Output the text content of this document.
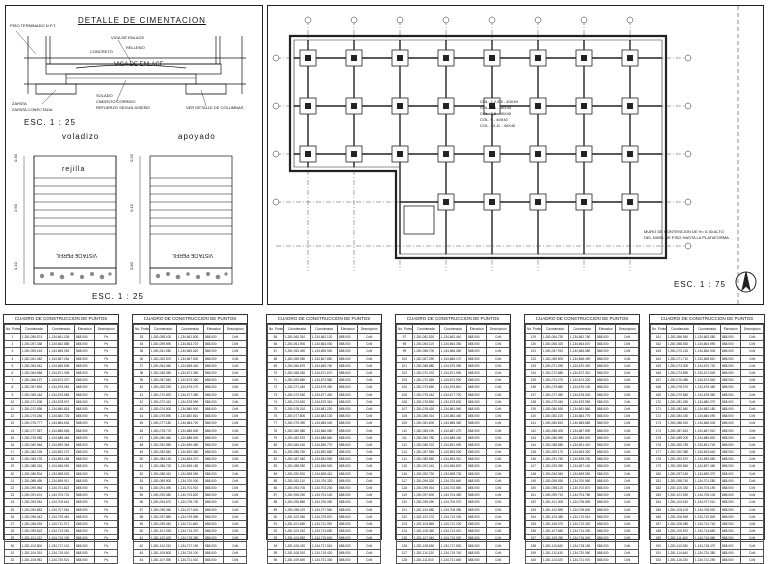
DETALLE DE CIMENTACION
PISO TERMINADO N.P.T.
VIGA DE ENLACE
VIGA DE ENLACE
RELLENO
CONCRETO
ZAPATA
ZAPATA CONECTADA
SOLADO
CIMIENTO CORRIDO
REFUERZO SEGUN DISEÑO	VER DETALLE DE COLUMNAS
ESC. 1 : 25
voladizo	apoyado
rejilla
VISTA DE PERFIL	VISTA DE PERFIL
0.30
2.60
0.10
0.25
0.15
0.80
ESC. 1 : 25
COL. 1,2,3,5 - 40X40
COL. 4,6 - 40X40
COL. 7,8 - 40X40
COL. 9 - 40X40
COL. 10,11 - 40X40
MURO DE CONTENCION DE H= 0.30 ALTO
DEL NIVEL DE PISO HASTA LA PLATAFORMA
ESC. 1 : 75
CUADRO DE CONSTRUCCION DE PUNTOS
No. Punto	Coordenada	Coordenada	Elevacion	Descripcion
1	1,281,056.574	1,134,661.105	888.000	Ps
2	1,281,057.338	1,134,662.885	888.000	Ps
3	1,281,059.163	1,134,665.063	888.000	Ps
4	1,281,061.452	1,134,667.264	888.000	Ps
5	1,281,063.061	1,134,669.536	888.000	Ps
6	1,281,064.558	1,134,671.308	888.000	Ps
7	1,281,066.137	1,134,673.207	888.000	Ps
8	1,281,067.892	1,134,675.081	888.000	Ps
9	1,281,069.415	1,134,676.984	888.000	Ps
10	1,281,071.008	1,134,678.907	888.000	Ps
11	1,281,072.596	1,134,680.815	888.000	Ps
12	1,281,074.186	1,134,682.726	888.000	Ps
13	1,281,075.777	1,134,684.634	888.000	Ps
14	1,281,077.367	1,134,686.545	888.000	Ps
15	1,281,078.955	1,134,688.454	888.000	Ps
16	1,281,080.546	1,134,690.364	888.000	Ps
17	1,281,082.135	1,134,692.272	888.000	Ps
18	1,281,083.725	1,134,694.184	888.000	Ps
19	1,281,085.316	1,134,696.091	888.000	Ps
20	1,281,086.904	1,134,698.003	888.000	Ps
21	1,281,088.495	1,134,699.911	888.000	Ps
22	1,281,090.084	1,134,701.822	888.000	Ps
23	1,281,091.674	1,134,703.731	888.000	Ps
24	1,281,093.264	1,134,705.641	888.000	Ps
25	1,281,094.853	1,134,707.551	888.000	Ps
26	1,281,096.443	1,134,709.461	888.000	Ps
27	1,281,098.033	1,134,711.371	888.000	Ps
28	1,281,099.623	1,134,713.281	888.000	Ps
29	1,281,101.212	1,134,715.190	888.000	Ps
30	1,281,102.802	1,134,717.101	888.000	Ps
31	1,281,104.391	1,134,719.010	888.000	Ps
32	1,281,105.981	1,134,720.921	888.000	Ps
CUADRO DE CONSTRUCCION DE PUNTOS
No. Punto	Coordenada	Coordenada	Elevacion	Descripcion
33	1,281,058.100	1,134,661.800	888.000	CxN
34	1,281,059.690	1,134,663.710	888.000	CxN
35	1,281,061.280	1,134,665.620	888.000	CxN
36	1,281,062.870	1,134,667.530	888.000	CxN
37	1,281,064.460	1,134,669.440	888.000	CxN
38	1,281,066.050	1,134,671.350	888.000	CxN
39	1,281,067.640	1,134,673.260	888.000	CxN
40	1,281,069.230	1,134,675.170	888.000	CxN
41	1,281,070.820	1,134,677.080	888.000	CxN
42	1,281,072.410	1,134,678.990	888.000	CxN
43	1,281,074.000	1,134,680.900	888.000	CxN
44	1,281,075.590	1,134,682.810	888.000	CxN
45	1,281,077.180	1,134,684.720	888.000	CxN
46	1,281,078.770	1,134,686.630	888.000	CxN
47	1,281,080.360	1,134,688.540	888.000	CxN
48	1,281,081.950	1,134,690.450	888.000	CxN
49	1,281,083.540	1,134,692.360	888.000	CxN
50	1,281,085.130	1,134,694.270	888.000	CxN
51	1,281,086.720	1,134,696.180	888.000	CxN
52	1,281,088.310	1,134,698.090	888.000	CxN
53	1,281,089.900	1,134,700.000	888.000	CxN
54	1,281,091.490	1,134,701.910	888.000	CxN
55	1,281,093.080	1,134,703.820	888.000	CxN
56	1,281,094.670	1,134,705.730	888.000	CxN
57	1,281,096.260	1,134,707.640	888.000	CxN
58	1,281,097.850	1,134,709.550	888.000	CxN
59	1,281,099.440	1,134,711.460	888.000	CxN
60	1,281,101.030	1,134,713.370	888.000	CxN
61	1,281,102.620	1,134,715.280	888.000	CxN
62	1,281,104.210	1,134,717.190	888.000	CxN
63	1,281,105.800	1,134,719.100	888.000	CxN
64	1,281,107.390	1,134,721.010	888.000	CxN
CUADRO DE CONSTRUCCION DE PUNTOS
No. Punto	Coordenada	Coordenada	Elevacion	Descripcion
65	1,281,060.310	1,134,662.120	888.000	CxN
66	1,281,061.900	1,134,664.030	888.000	CxN
67	1,281,063.490	1,134,665.940	888.000	CxN
68	1,281,065.080	1,134,667.850	888.000	CxN
69	1,281,066.670	1,134,669.760	888.000	CxN
70	1,281,068.260	1,134,671.670	888.000	CxN
71	1,281,069.850	1,134,673.580	888.000	CxN
72	1,281,071.440	1,134,675.490	888.000	CxN
73	1,281,073.030	1,134,677.400	888.000	CxN
74	1,281,074.620	1,134,679.310	888.000	CxN
75	1,281,076.210	1,134,681.220	888.000	CxN
76	1,281,077.800	1,134,683.130	888.000	CxN
77	1,281,079.390	1,134,685.040	888.000	CxN
78	1,281,080.980	1,134,686.950	888.000	CxN
79	1,281,082.570	1,134,688.860	888.000	CxN
80	1,281,084.160	1,134,690.770	888.000	CxN
81	1,281,085.750	1,134,692.680	888.000	CxN
82	1,281,087.340	1,134,694.590	888.000	CxN
83	1,281,088.930	1,134,696.500	888.000	CxN
84	1,281,090.520	1,134,698.410	888.000	CxN
85	1,281,092.110	1,134,700.320	888.000	CxN
86	1,281,093.700	1,134,702.230	888.000	CxN
87	1,281,095.290	1,134,704.140	888.000	CxN
88	1,281,096.880	1,134,706.050	888.000	CxN
89	1,281,098.470	1,134,707.960	888.000	CxN
90	1,281,100.060	1,134,709.870	888.000	CxN
91	1,281,101.650	1,134,711.780	888.000	CxN
92	1,281,103.240	1,134,713.690	888.000	CxN
93	1,281,104.830	1,134,715.600	888.000	CxN
94	1,281,106.420	1,134,717.510	888.000	CxN
95	1,281,108.010	1,134,719.420	888.000	CxN
96	1,281,109.600	1,134,721.330	888.000	CxN
CUADRO DE CONSTRUCCION DE PUNTOS
No. Punto	Coordenada	Coordenada	Elevacion	Descripcion
97	1,281,062.520	1,134,662.440	888.000	CxN
98	1,281,064.110	1,134,664.350	888.000	CxN
99	1,281,065.700	1,134,666.260	888.000	CxN
100	1,281,067.290	1,134,668.170	888.000	CxN
101	1,281,068.880	1,134,670.080	888.000	CxN
102	1,281,070.470	1,134,671.990	888.000	CxN
103	1,281,072.060	1,134,673.900	888.000	CxN
104	1,281,073.650	1,134,675.810	888.000	CxN
105	1,281,075.240	1,134,677.720	888.000	CxN
106	1,281,076.830	1,134,679.630	888.000	CxN
107	1,281,078.420	1,134,681.540	888.000	CxN
108	1,281,080.010	1,134,683.450	888.000	CxN
109	1,281,081.600	1,134,685.360	888.000	CxN
110	1,281,083.190	1,134,687.270	888.000	CxN
111	1,281,084.780	1,134,689.180	888.000	CxN
112	1,281,086.370	1,134,691.090	888.000	CxN
113	1,281,087.960	1,134,693.000	888.000	CxN
114	1,281,089.550	1,134,694.910	888.000	CxN
115	1,281,091.140	1,134,696.820	888.000	CxN
116	1,281,092.730	1,134,698.730	888.000	CxN
117	1,281,094.320	1,134,700.640	888.000	CxN
118	1,281,095.910	1,134,702.550	888.000	CxN
119	1,281,097.500	1,134,704.460	888.000	CxN
120	1,281,099.090	1,134,706.370	888.000	CxN
121	1,281,100.680	1,134,708.280	888.000	CxN
122	1,281,102.270	1,134,710.190	888.000	CxN
123	1,281,103.860	1,134,712.100	888.000	CxN
124	1,281,105.450	1,134,714.010	888.000	CxN
125	1,281,107.040	1,134,715.920	888.000	CxN
126	1,281,108.630	1,134,717.830	888.000	CxN
127	1,281,110.220	1,134,719.740	888.000	CxN
128	1,281,111.810	1,134,721.650	888.000	CxN
CUADRO DE CONSTRUCCION DE PUNTOS
No. Punto	Coordenada	Coordenada	Elevacion	Descripcion
129	1,281,064.730	1,134,662.760	888.000	CxN
130	1,281,066.320	1,134,664.670	888.000	CxN
131	1,281,067.910	1,134,666.580	888.000	CxN
132	1,281,069.500	1,134,668.490	888.000	CxN
133	1,281,071.090	1,134,670.400	888.000	CxN
134	1,281,072.680	1,134,672.310	888.000	CxN
135	1,281,074.270	1,134,674.220	888.000	CxN
136	1,281,075.860	1,134,676.130	888.000	CxN
137	1,281,077.450	1,134,678.040	888.000	CxN
138	1,281,079.040	1,134,679.950	888.000	CxN
139	1,281,080.630	1,134,681.860	888.000	CxN
140	1,281,082.220	1,134,683.770	888.000	CxN
141	1,281,083.810	1,134,685.680	888.000	CxN
142	1,281,085.400	1,134,687.590	888.000	CxN
143	1,281,086.990	1,134,689.500	888.000	CxN
144	1,281,088.580	1,134,691.410	888.000	CxN
145	1,281,090.170	1,134,693.320	888.000	CxN
146	1,281,091.760	1,134,695.230	888.000	CxN
147	1,281,093.350	1,134,697.140	888.000	CxN
148	1,281,094.940	1,134,699.050	888.000	CxN
149	1,281,096.530	1,134,700.960	888.000	CxN
150	1,281,098.120	1,134,702.870	888.000	CxN
151	1,281,099.710	1,134,704.780	888.000	CxN
152	1,281,101.300	1,134,706.690	888.000	CxN
153	1,281,102.890	1,134,708.600	888.000	CxN
154	1,281,104.480	1,134,710.510	888.000	CxN
155	1,281,106.070	1,134,712.420	888.000	CxN
156	1,281,107.660	1,134,714.330	888.000	CxN
157	1,281,109.250	1,134,716.240	888.000	CxN
158	1,281,110.840	1,134,718.150	888.000	CxN
159	1,281,112.430	1,134,720.060	888.000	CxN
160	1,281,114.020	1,134,721.970	888.000	CxN
CUADRO DE CONSTRUCCION DE PUNTOS
No. Punto	Coordenada	Coordenada	Elevacion	Descripcion
161	1,281,066.940	1,134,663.080	888.000	CxN
162	1,281,068.530	1,134,664.990	888.000	CxN
163	1,281,070.120	1,134,666.900	888.000	CxN
164	1,281,071.710	1,134,668.810	888.000	CxN
165	1,281,073.300	1,134,670.720	888.000	CxN
166	1,281,074.890	1,134,672.630	888.000	CxN
167	1,281,076.480	1,134,674.540	888.000	CxN
168	1,281,078.070	1,134,676.450	888.000	CxN
169	1,281,079.660	1,134,678.360	888.000	CxN
170	1,281,081.250	1,134,680.270	888.000	CxN
171	1,281,082.840	1,134,682.180	888.000	CxN
172	1,281,084.430	1,134,684.090	888.000	CxN
173	1,281,086.020	1,134,686.000	888.000	CxN
174	1,281,087.610	1,134,687.910	888.000	CxN
175	1,281,089.200	1,134,689.820	888.000	CxN
176	1,281,090.790	1,134,691.730	888.000	CxN
177	1,281,092.380	1,134,693.640	888.000	CxN
178	1,281,093.970	1,134,695.550	888.000	CxN
179	1,281,095.560	1,134,697.460	888.000	CxN
180	1,281,097.150	1,134,699.370	888.000	CxN
181	1,281,098.740	1,134,701.280	888.000	CxN
182	1,281,100.330	1,134,703.190	888.000	CxN
183	1,281,101.920	1,134,705.100	888.000	CxN
184	1,281,103.510	1,134,707.010	888.000	CxN
185	1,281,105.100	1,134,708.920	888.000	CxN
186	1,281,106.690	1,134,710.830	888.000	CxN
187	1,281,108.280	1,134,712.740	888.000	CxN
188	1,281,109.870	1,134,714.650	888.000	CxN
189	1,281,111.460	1,134,716.560	888.000	CxN
190	1,281,113.050	1,134,718.470	888.000	CxN
191	1,281,114.640	1,134,720.380	888.000	CxN
192	1,281,116.230	1,134,722.290	888.000	CxN
